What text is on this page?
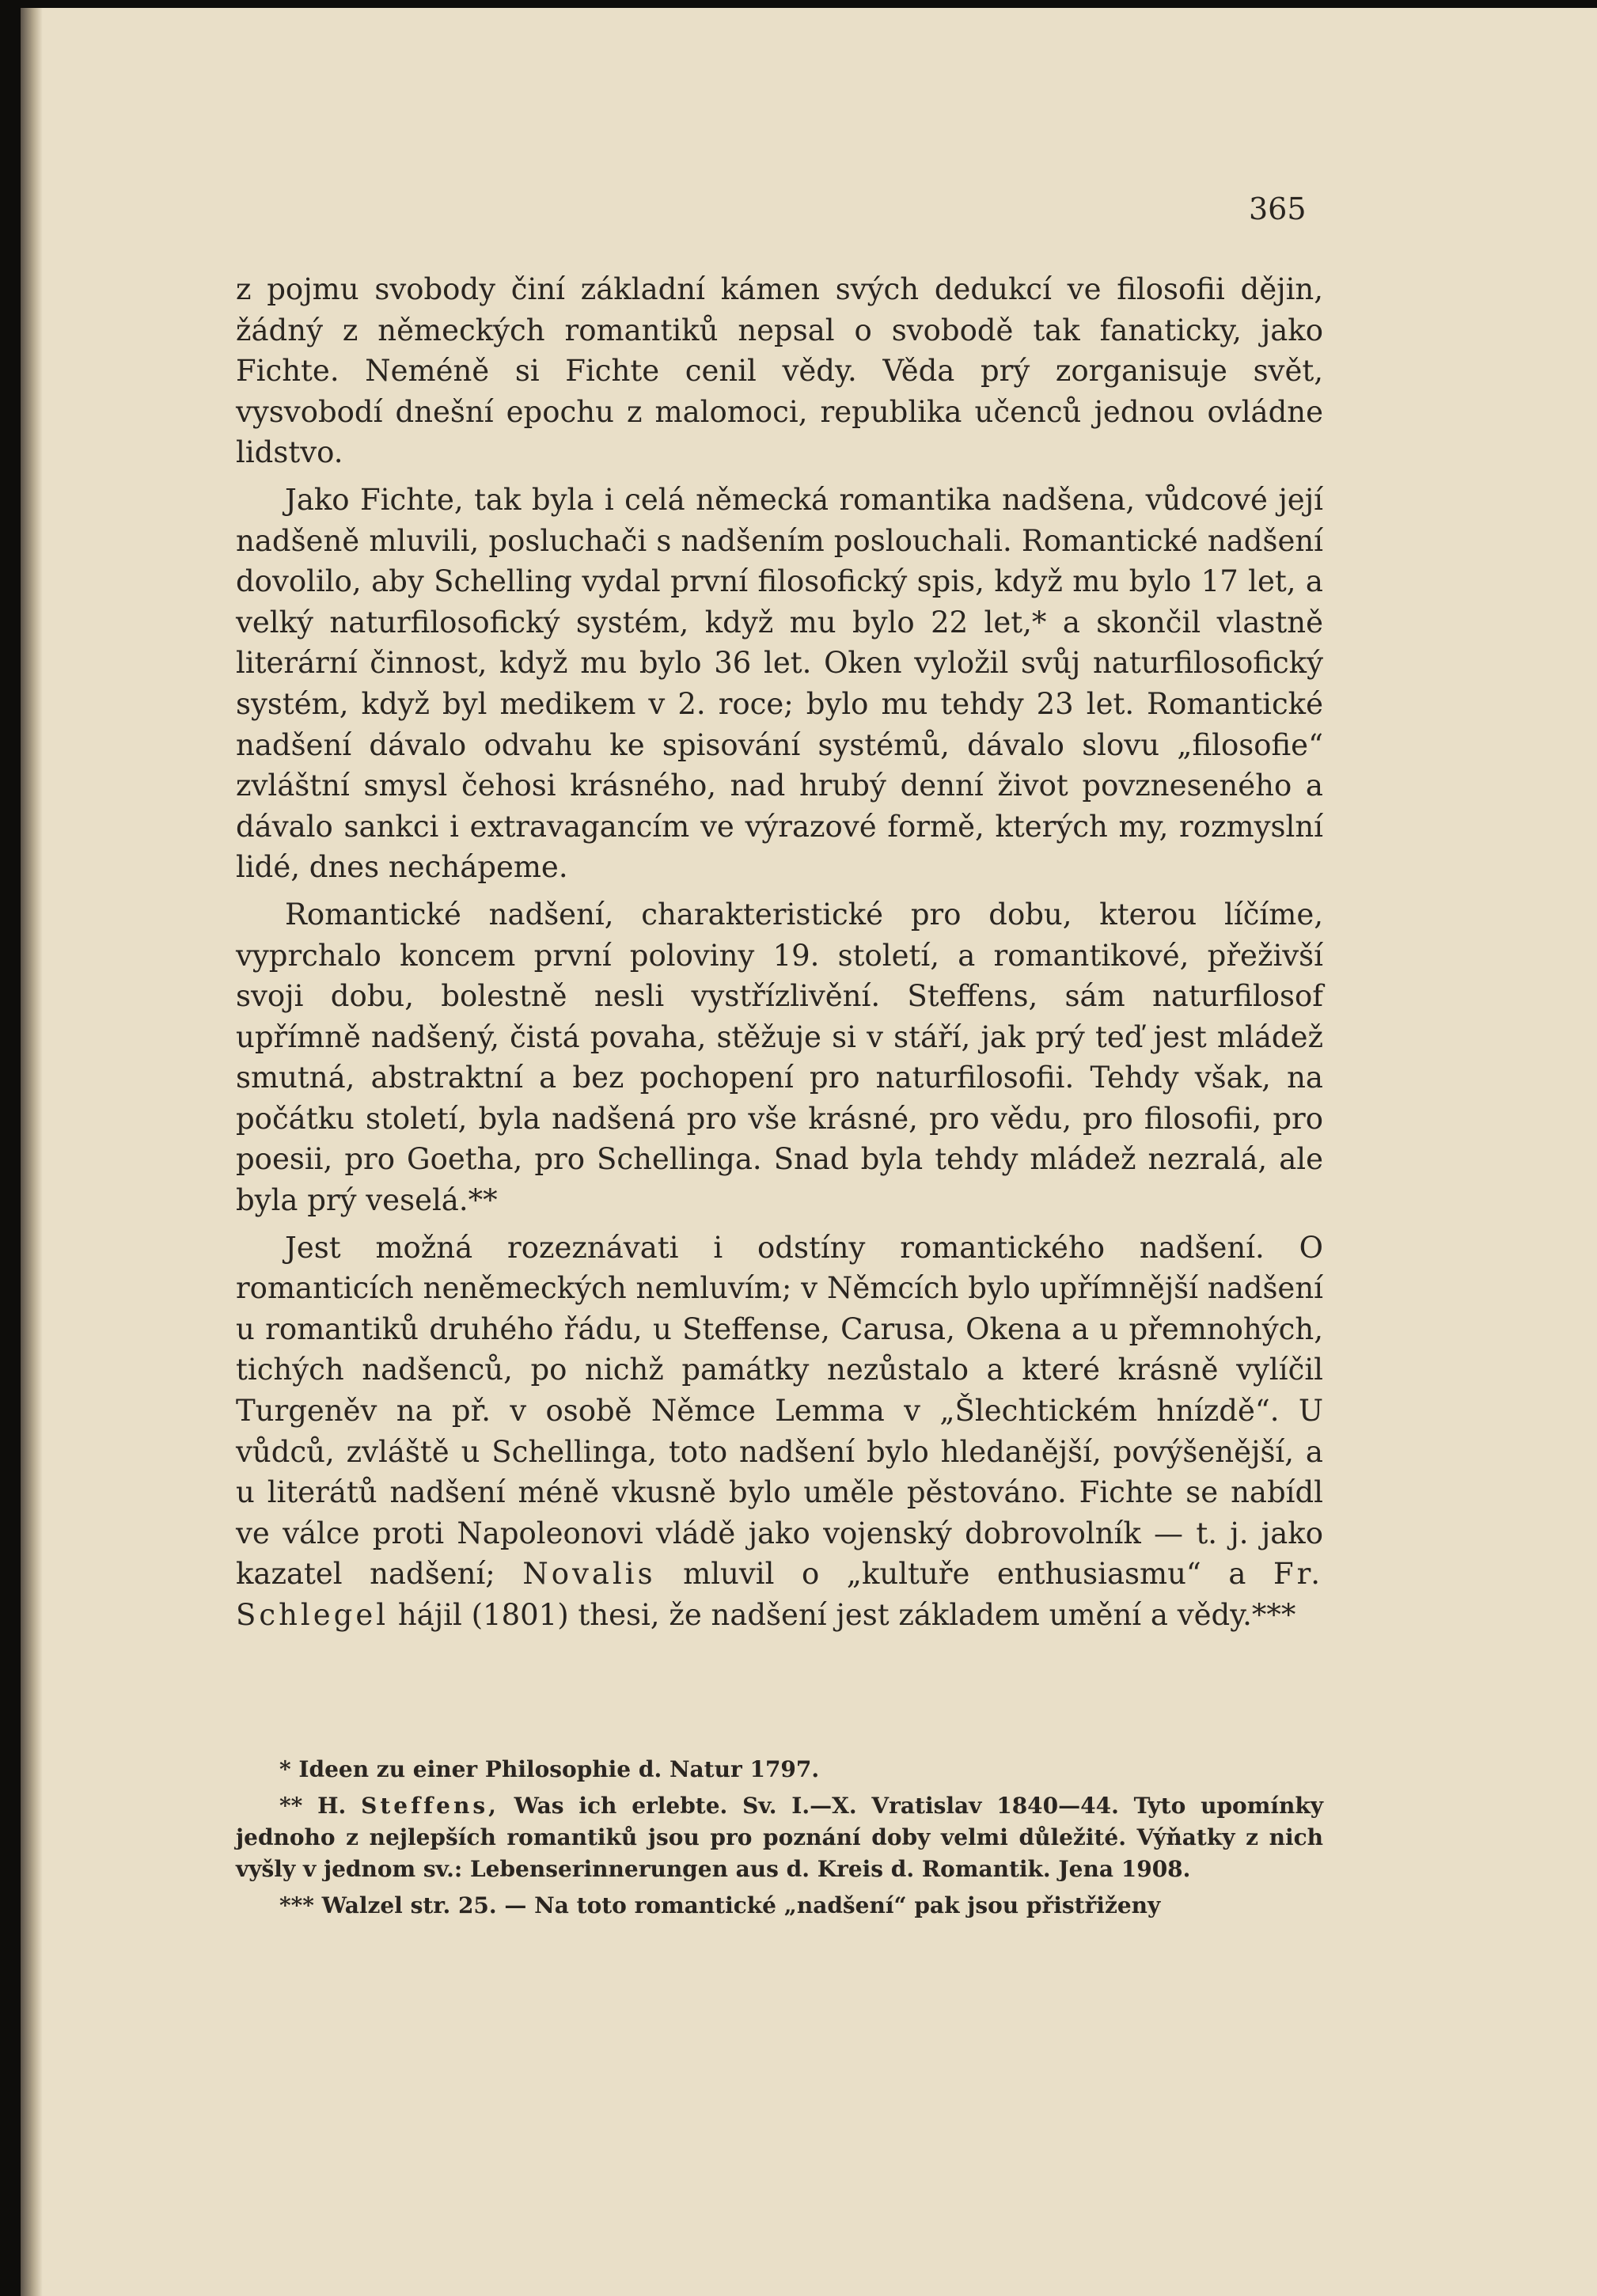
365

z pojmu svobody činí základní kámen svých dedukcí ve filosofii dějin, žádný z německých romantiků nepsal o svobodě tak fanaticky, jako Fichte. Neméně si Fichte cenil vědy. Věda prý zorganisuje svět, vysvobodí dnešní epochu z malomoci, republika učenců jednou ovládne lidstvo.

Jako Fichte, tak byla i celá německá romantika nadšena, vůdcové její nadšeně mluvili, posluchači s nadšením poslouchali. Romantické nadšení dovolilo, aby Schelling vydal první filosofický spis, když mu bylo 17 let, a velký naturfilosofický systém, když mu bylo 22 let,* a skončil vlastně literární činnost, když mu bylo 36 let. Oken vyložil svůj naturfilosofický systém, když byl medikem v 2. roce; bylo mu tehdy 23 let. Romantické nadšení dávalo odvahu ke spisování systémů, dávalo slovu „filosofie“ zvláštní smysl čehosi krásného, nad hrubý denní život povzneseného a dávalo sankci i extravagancím ve výrazové formě, kterých my, rozmyslní lidé, dnes nechápeme.

Romantické nadšení, charakteristické pro dobu, kterou líčíme, vyprchalo koncem první poloviny 19. století, a romantikové, přeživší svoji dobu, bolestně nesli vystřízlivění. Steffens, sám naturfilosof upřímně nadšený, čistá povaha, stěžuje si v stáří, jak prý teď jest mládež smutná, abstraktní a bez pochopení pro naturfilosofii. Tehdy však, na počátku století, byla nadšená pro vše krásné, pro vědu, pro filosofii, pro poesii, pro Goetha, pro Schellinga. Snad byla tehdy mládež nezralá, ale byla prý veselá.**

Jest možná rozeznávati i odstíny romantického nadšení. O romanticích neněmeckých nemluvím; v Němcích bylo upřímnější nadšení u romantiků druhého řádu, u Steffense, Carusa, Okena a u přemnohých, tichých nadšenců, po nichž památky nezůstalo a které krásně vylíčil Turgeněv na př. v osobě Němce Lemma v „Šlechtickém hnízdě“. U vůdců, zvláště u Schellinga, toto nadšení bylo hledanější, povýšenější, a u literátů nadšení méně vkusně bylo uměle pěstováno. Fichte se nabídl ve válce proti Napoleonovi vládě jako vojenský dobrovolník — t. j. jako kazatel nadšení; Novalis mluvil o „kultuře enthusiasmu“ a Fr. Schlegel hájil (1801) thesi, že nadšení jest základem umění a vědy.***

* Ideen zu einer Philosophie d. Natur 1797.

** H. Steffens, Was ich erlebte. Sv. I.—X. Vratislav 1840—44. Tyto upomínky jednoho z nejlepších romantiků jsou pro poznání doby velmi důležité. Výňatky z nich vyšly v jednom sv.: Lebenserinnerungen aus d. Kreis d. Romantik. Jena 1908.

*** Walzel str. 25. — Na toto romantické „nadšení“ pak jsou přistřiženy
